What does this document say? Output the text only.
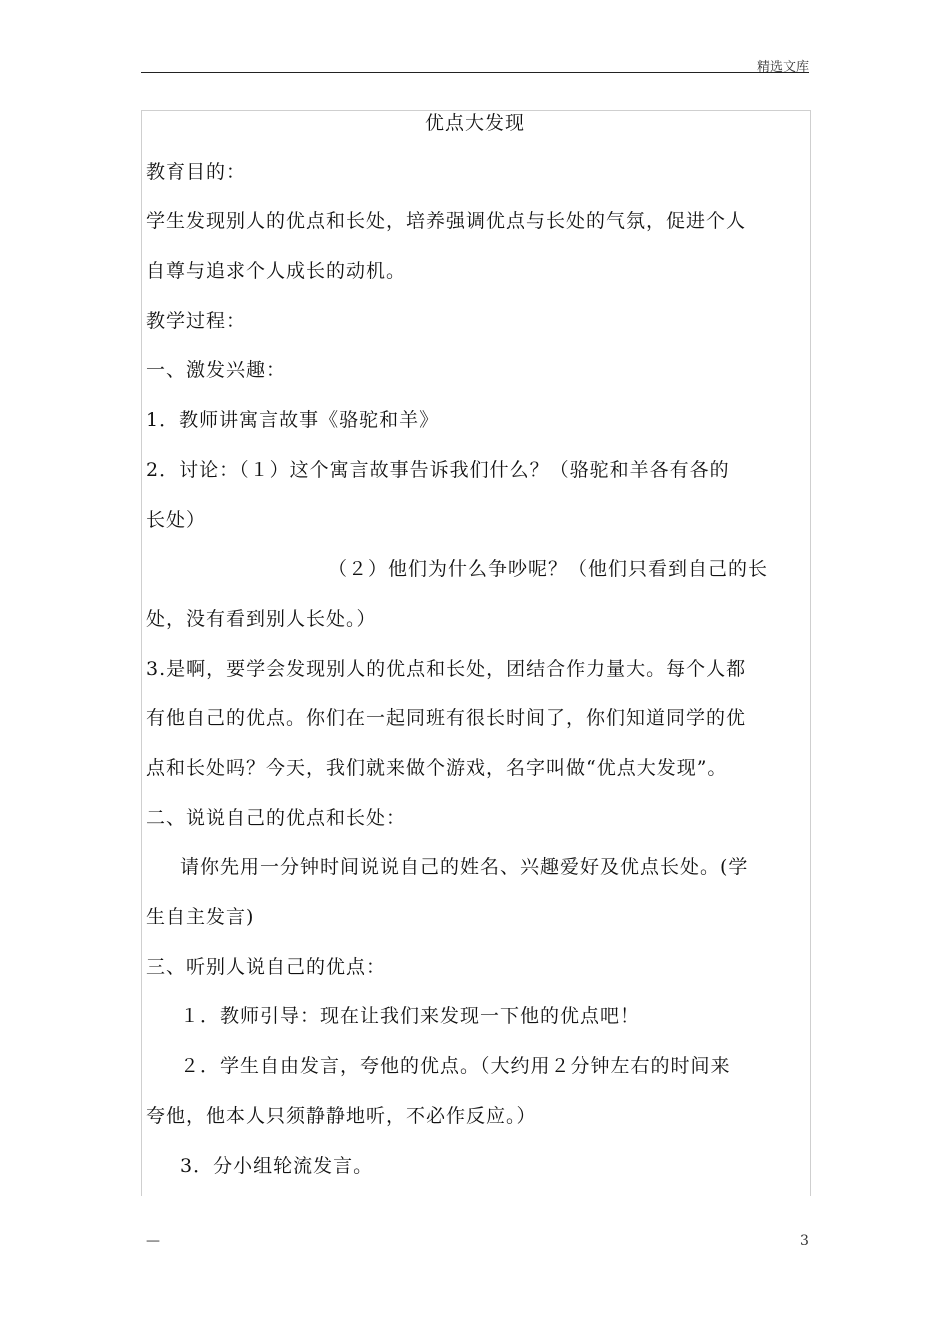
精选文库
优点大发现
教育目的：
学生发现别人的优点和长处，培养强调优点与长处的气氛，促进个人
自尊与追求个人成长的动机。
教学过程：
一、激发兴趣：
1．教师讲寓言故事《骆驼和羊》
2．讨论：（１）这个寓言故事告诉我们什么？（骆驼和羊各有各的
长处）
（２）他们为什么争吵呢？（他们只看到自己的长
处，没有看到别人长处。）
3.是啊，要学会发现别人的优点和长处，团结合作力量大。每个人都
有他自己的优点。你们在一起同班有很长时间了，你们知道同学的优
点和长处吗？今天，我们就来做个游戏，名字叫做“优点大发现”。
二、说说自己的优点和长处：
请你先用一分钟时间说说自己的姓名、兴趣爱好及优点长处。(学
生自主发言)
三、听别人说自己的优点：
１．教师引导：现在让我们来发现一下他的优点吧！
２．学生自由发言，夸他的优点。（大约用２分钟左右的时间来
夸他，他本人只须静静地听，不必作反应。）
3．分小组轮流发言。
—	3
